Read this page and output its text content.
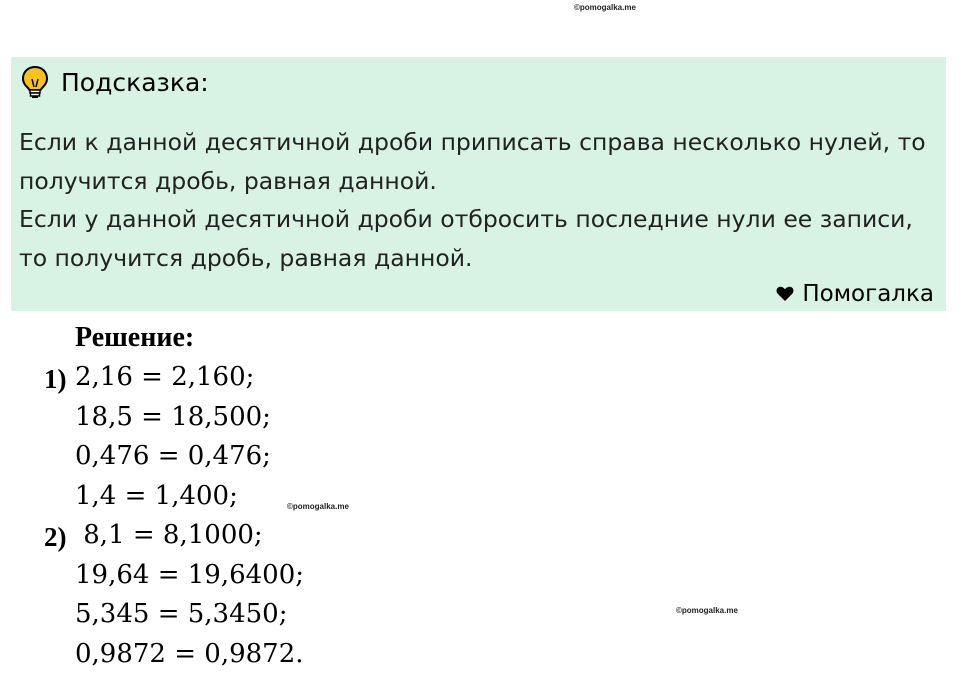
©pomogalka.me
©pomogalka.me
©pomogalka.me
Подсказка:

Если к данной десятичной дроби приписать справа несколько нулей, то получится дробь, равная данной.

Если у данной десятичной дроби отбросить последние нули ее записи, то получится дробь, равная данной.

Помогалка
Решение:
1) 2,16 = 2,160;
18,5 = 18,500;
0,476 = 0,476;
1,4 = 1,400;
2) 8,1 = 8,1000;
19,64 = 19,6400;
5,345 = 5,3450;
0,9872 = 0,9872.
